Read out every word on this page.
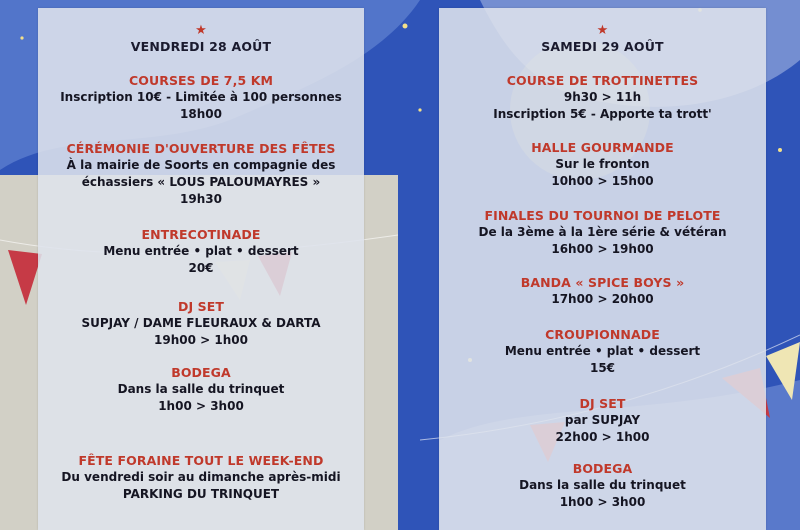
★
VENDREDI 28 AOÛT
COURSES DE 7,5 KM
Inscription 10€ - Limitée à 100 personnes
18h00
CÉRÉMONIE D'OUVERTURE DES FÊTES
À la mairie de Soorts en compagnie des
échassiers « LOUS PALOUMAYRES »
19h30
ENTRECOTINADE
Menu entrée • plat • dessert
20€
DJ SET
SUPJAY / DAME FLEURAUX & DARTA
19h00 > 1h00
BODEGA
Dans la salle du trinquet
1h00 > 3h00
FÊTE FORAINE TOUT LE WEEK-END
Du vendredi soir au dimanche après-midi
PARKING DU TRINQUET
★
SAMEDI 29 AOÛT
COURSE DE TROTTINETTES
9h30 > 11h
Inscription 5€ - Apporte ta trott'
HALLE GOURMANDE
Sur le fronton
10h00 > 15h00
FINALES DU TOURNOI DE PELOTE
De la 3ème à la 1ère série & vétéran
16h00 > 19h00
BANDA « SPICE BOYS »
17h00 > 20h00
CROUPIONNADE
Menu entrée • plat • dessert
15€
DJ SET
par SUPJAY
22h00 > 1h00
BODEGA
Dans la salle du trinquet
1h00 > 3h00
